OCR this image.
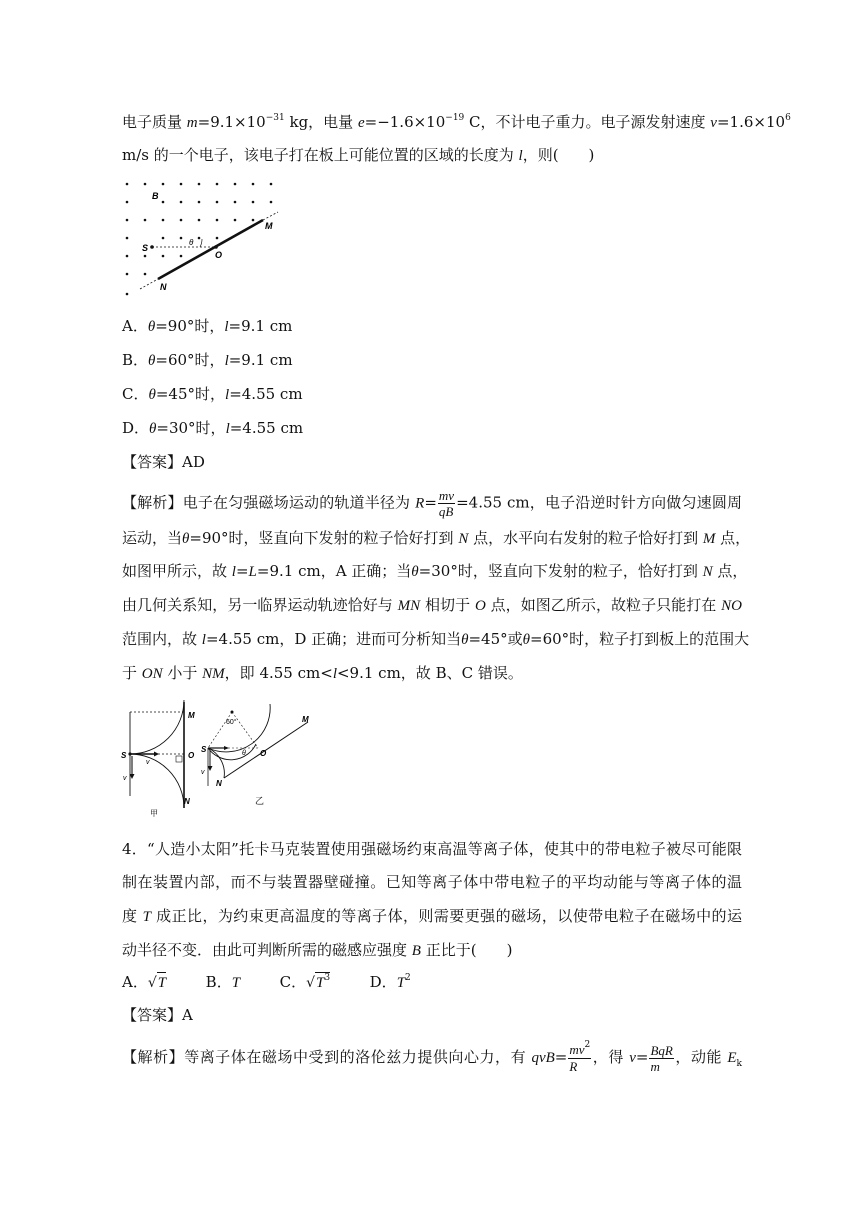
电子质量 $m=9.1\times 10^{-31}$ kg，电量 $e=-1.6\times 10^{-19}$ C，不计电子重力。电子源发射速度 $v=1.6\times 10^6$
m/s 的一个电子，该电子打在板上可能位置的区域的长度为 l，则(　　)
B
S
O
M
N
θ
A．θ=90°时，l=9.1 cm
B．θ=60°时，l=9.1 cm
C．θ=45°时，l=4.55 cm
D．θ=30°时，l=4.55 cm
【答案】AD
【解析】电子在匀强磁场运动的轨道半径为 $R= \frac{mv}{qB} =4.55$ cm，电子沿逆时针方向做匀速圆周
运动，当θ=90°时，竖直向下发射的粒子恰好打到 N 点，水平向右发射的粒子恰好打到 M 点，
如图甲所示，故 l=L=9.1 cm，A 正确；当θ=30°时，竖直向下发射的粒子，恰好打到 N 点，
由几何关系知，另一临界运动轨迹恰好与 MN 相切于 O 点，如图乙所示，故粒子只能打在 NO
范围内，故 l=4.55 cm，D 正确；进而可分析知当θ=45°或θ=60°时，粒子打到板上的范围大
于 ON 小于 NM，即 4.55 cm<l<9.1 cm，故 B、C 错误。
S
M
O
N
v
v
甲
60°
S	θ O
M
N
v
乙
4．“人造小太阳”托卡马克装置使用强磁场约束高温等离子体，使其中的带电粒子被尽可能限
制在装置内部，而不与装置器壁碰撞。已知等离子体中带电粒子的平均动能与等离子体的温
度 T 成正比，为约束更高温度的等离子体，则需要更强的磁场，以使带电粒子在磁场中的运
动半径不变．由此可判断所需的磁感应强度 B 正比于(　　)
A．√T	B．T	C．$√T^3$	D．$T^2$
【答案】A
【解析】等离子体在磁场中受到的洛伦兹力提供向心力，有 $qvB= \frac{mv^2}{R}$ ，得 $v= \frac{\text{BqR}}{m}$ ，动能 $E_k$
